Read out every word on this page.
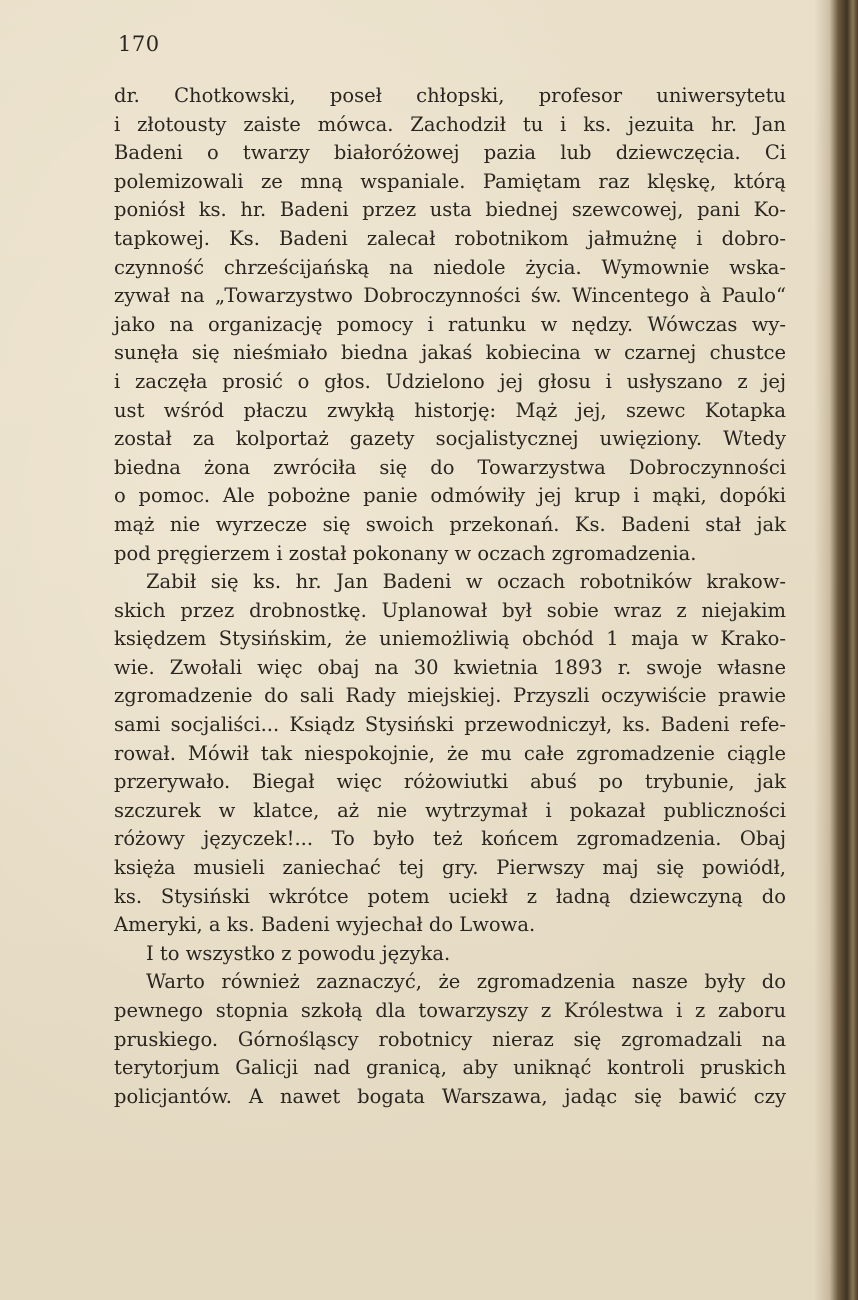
170
dr. Chotkowski, poseł chłopski, profesor uniwersytetu
i złotousty zaiste mówca. Zachodził tu i ks. jezuita hr. Jan
Badeni o twarzy białoróżowej pazia lub dziewczęcia. Ci
polemizowali ze mną wspaniale. Pamiętam raz klęskę, którą
poniósł ks. hr. Badeni przez usta biednej szewcowej, pani Ko-
tapkowej. Ks. Badeni zalecał robotnikom jałmużnę i dobro-
czynność chrześcijańską na niedole życia. Wymownie wska-
zywał na „Towarzystwo Dobroczynności św. Wincentego à Paulo“
jako na organizację pomocy i ratunku w nędzy. Wówczas wy-
sunęła się nieśmiało biedna jakaś kobiecina w czarnej chustce
i zaczęła prosić o głos. Udzielono jej głosu i usłyszano z jej
ust wśród płaczu zwykłą historję: Mąż jej, szewc Kotapka
został za kolportaż gazety socjalistycznej uwięziony. Wtedy
biedna żona zwróciła się do Towarzystwa Dobroczynności
o pomoc. Ale pobożne panie odmówiły jej krup i mąki, dopóki
mąż nie wyrzecze się swoich przekonań. Ks. Badeni stał jak
pod pręgierzem i został pokonany w oczach zgromadzenia.
Zabił się ks. hr. Jan Badeni w oczach robotników krakow-
skich przez drobnostkę. Uplanował był sobie wraz z niejakim
księdzem Stysińskim, że uniemożliwią obchód 1 maja w Krako-
wie. Zwołali więc obaj na 30 kwietnia 1893 r. swoje własne
zgromadzenie do sali Rady miejskiej. Przyszli oczywiście prawie
sami socjaliści... Ksiądz Stysiński przewodniczył, ks. Badeni refe-
rował. Mówił tak niespokojnie, że mu całe zgromadzenie ciągle
przerywało. Biegał więc różowiutki abuś po trybunie, jak
szczurek w klatce, aż nie wytrzymał i pokazał publiczności
różowy języczek!... To było też końcem zgromadzenia. Obaj
księża musieli zaniechać tej gry. Pierwszy maj się powiódł,
ks. Stysiński wkrótce potem uciekł z ładną dziewczyną do
Ameryki, a ks. Badeni wyjechał do Lwowa.
I to wszystko z powodu języka.
Warto również zaznaczyć, że zgromadzenia nasze były do
pewnego stopnia szkołą dla towarzyszy z Królestwa i z zaboru
pruskiego. Górnośląscy robotnicy nieraz się zgromadzali na
terytorjum Galicji nad granicą, aby uniknąć kontroli pruskich
policjantów. A nawet bogata Warszawa, jadąc się bawić czy
